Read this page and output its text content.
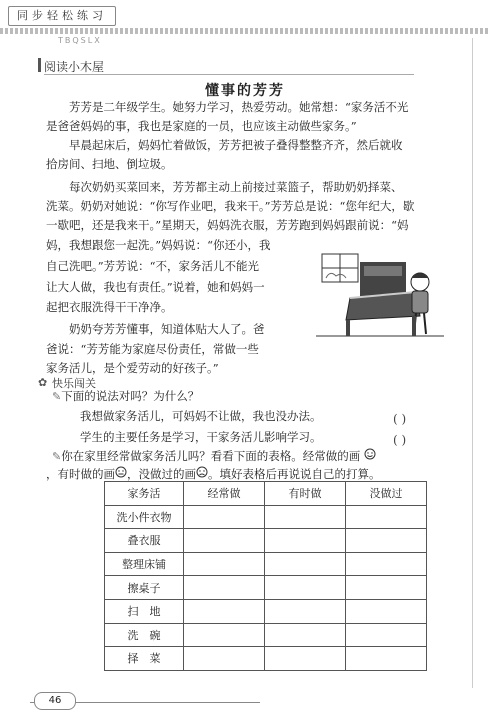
同步轻松练习
TBQSLX
阅读小木屋
懂事的芳芳
芳芳是二年级学生。她努力学习，热爱劳动。她常想：“家务活不光
是爸爸妈妈的事，我也是家庭的一员，也应该主动做些家务。”
早晨起床后，妈妈忙着做饭，芳芳把被子叠得整整齐齐，然后就收
拾房间、扫地、倒垃圾。
每次奶奶买菜回来，芳芳都主动上前接过菜篮子，帮助奶奶择菜、
洗菜。奶奶对她说：“你写作业吧，我来干。”芳芳总是说：“您年纪大，歇
一歇吧，还是我来干。”星期天，妈妈洗衣服，芳芳跑到妈妈跟前说：“妈
妈，我想跟您一起洗。”妈妈说：“你还小，我
自己洗吧。”芳芳说：“不，家务活儿不能光
让大人做，我也有责任。”说着，她和妈妈一
起把衣服洗得干干净净。
奶奶夸芳芳懂事，知道体贴大人了。爸
爸说：“芳芳能为家庭尽份责任，常做一些
家务活儿，是个爱劳动的好孩子。”
✿ 快乐闯关
✎下面的说法对吗？为什么？
我想做家务活儿，可妈妈不让做，我也没办法。	( )
学生的主要任务是学习，干家务活儿影响学习。	( )
✎你在家里经常做家务活儿吗？看看下面的表格。经常做的画
，有时做的画 ，没做过的画 。填好表格后再说说自己的打算。
家务活	经常做	有时做	没做过
洗小件衣物			
叠衣服			
整理床铺			
擦桌子			
扫　地			
洗　碗			
择　菜			
46
